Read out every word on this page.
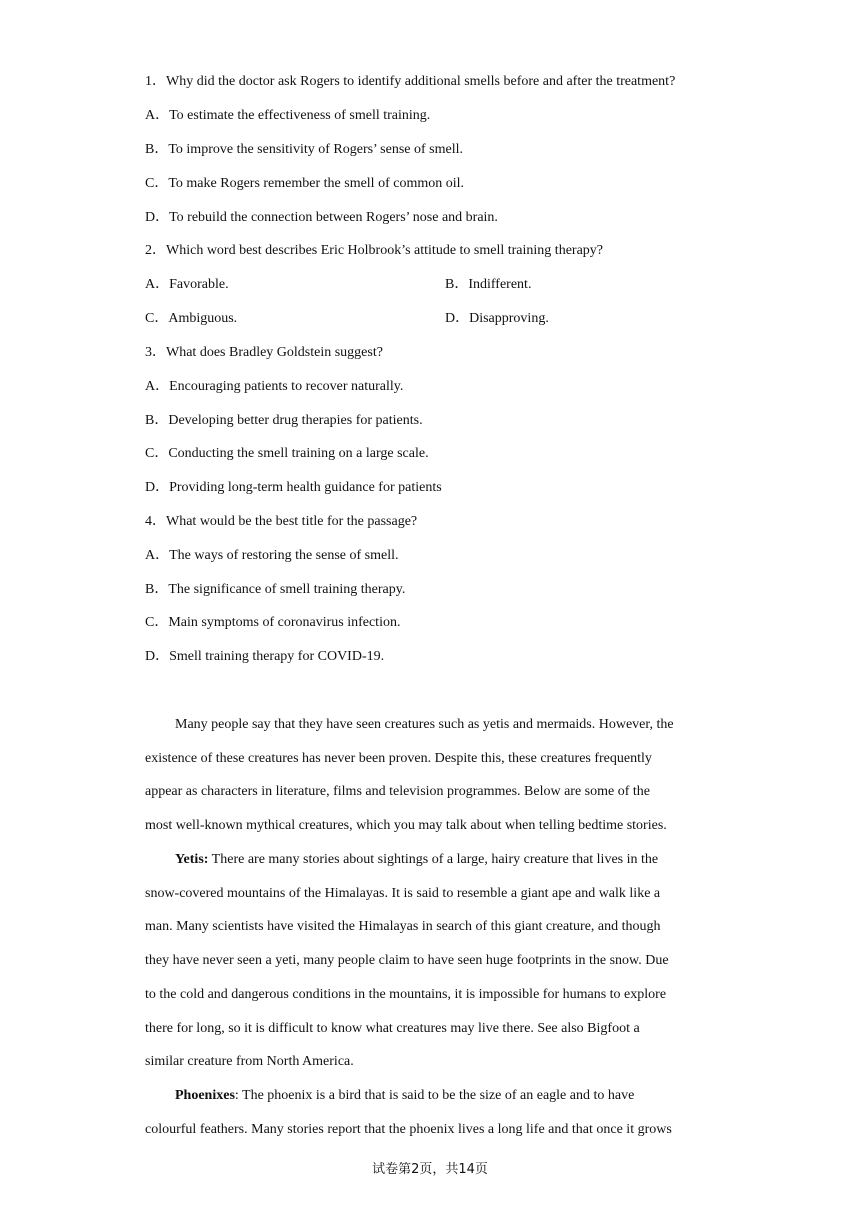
1．Why did the doctor ask Rogers to identify additional smells before and after the treatment?
A．To estimate the effectiveness of smell training.
B．To improve the sensitivity of Rogers’ sense of smell.
C．To make Rogers remember the smell of common oil.
D．To rebuild the connection between Rogers’ nose and brain.
2．Which word best describes Eric Holbrook’s attitude to smell training therapy?
A．Favorable.	B．Indifferent.
C．Ambiguous.	D．Disapproving.
3．What does Bradley Goldstein suggest?
A．Encouraging patients to recover naturally.
B．Developing better drug therapies for patients.
C．Conducting the smell training on a large scale.
D．Providing long-term health guidance for patients
4．What would be the best title for the passage?
A．The ways of restoring the sense of smell.
B．The significance of smell training therapy.
C．Main symptoms of coronavirus infection.
D．Smell training therapy for COVID-19.
Many people say that they have seen creatures such as yetis and mermaids. However, the
existence of these creatures has never been proven. Despite this, these creatures frequently
appear as characters in literature, films and television programmes. Below are some of the
most well-known mythical creatures, which you may talk about when telling bedtime stories.
Yetis: There are many stories about sightings of a large, hairy creature that lives in the
snow-covered mountains of the Himalayas. It is said to resemble a giant ape and walk like a
man. Many scientists have visited the Himalayas in search of this giant creature, and though
they have never seen a yeti, many people claim to have seen huge footprints in the snow. Due
to the cold and dangerous conditions in the mountains, it is impossible for humans to explore
there for long, so it is difficult to know what creatures may live there. See also Bigfoot a
similar creature from North America.
Phoenixes: The phoenix is a bird that is said to be the size of an eagle and to have
colourful feathers. Many stories report that the phoenix lives a long life and that once it grows
试卷第2页，共14页
